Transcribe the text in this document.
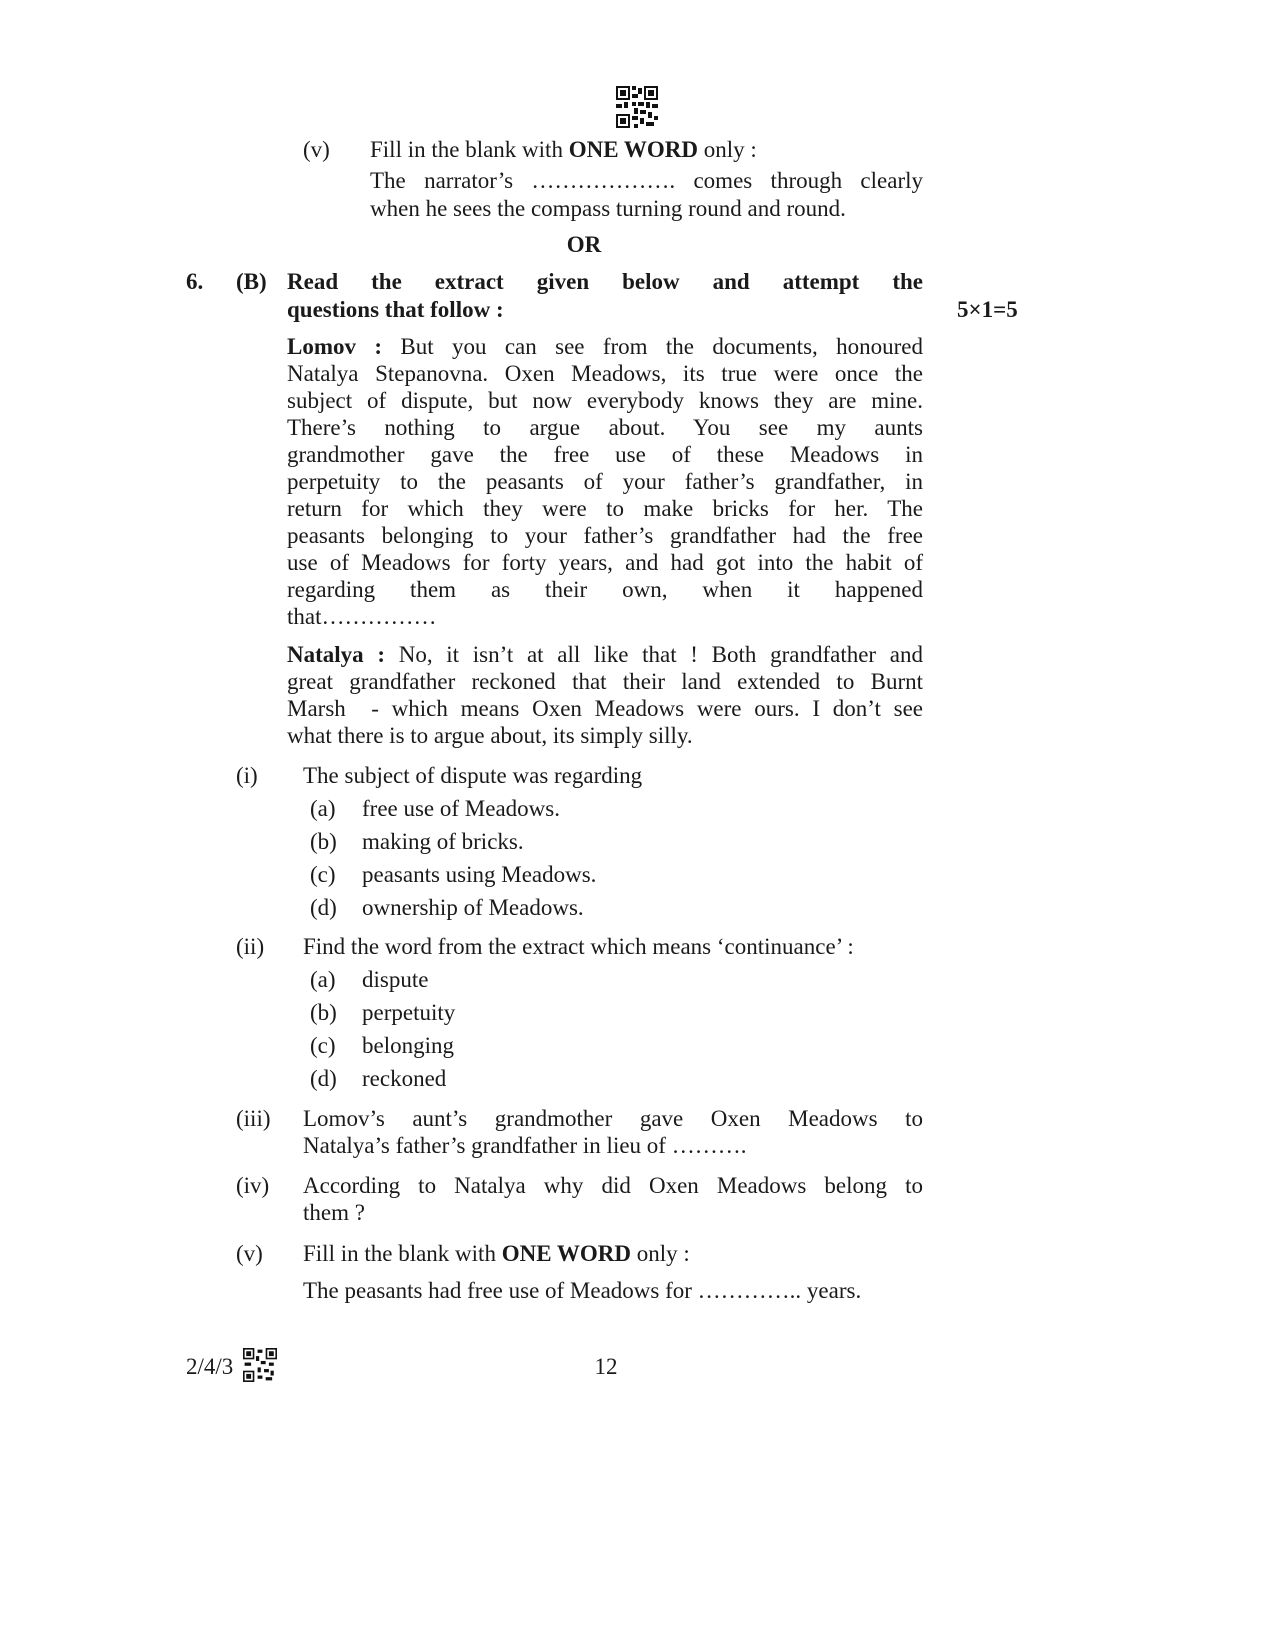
(v) Fill in the blank with ONE WORD only :
The narrator’s ………………. comes through clearly
when he sees the compass turning round and round.
OR
6. (B) Read the extract given below and attempt the
questions that follow :	5×1=5
Lomov : But you can see from the documents, honoured
Natalya Stepanovna. Oxen Meadows, its true were once the
subject of dispute, but now everybody knows they are mine.
There’s nothing to argue about. You see my aunts
grandmother gave the free use of these Meadows in
perpetuity to the peasants of your father’s grandfather, in
return for which they were to make bricks for her. The
peasants belonging to your father’s grandfather had the free
use of Meadows for forty years, and had got into the habit of
regarding them as their own, when it happened
that……………
Natalya : No, it isn’t at all like that ! Both grandfather and
great grandfather reckoned that their land extended to Burnt
Marsh  - which means Oxen Meadows were ours. I don’t see
what there is to argue about, its simply silly.
(i) The subject of dispute was regarding
(a) free use of Meadows.
(b) making of bricks.
(c) peasants using Meadows.
(d) ownership of Meadows.
(ii) Find the word from the extract which means ‘continuance’ :
(a) dispute
(b) perpetuity
(c) belonging
(d) reckoned
(iii) Lomov’s aunt’s grandmother gave Oxen Meadows to
Natalya’s father’s grandfather in lieu of ……….
(iv) According to Natalya why did Oxen Meadows belong to
them ?
(v) Fill in the blank with ONE WORD only :
The peasants had free use of Meadows for ………….. years.
2/4/3	12
